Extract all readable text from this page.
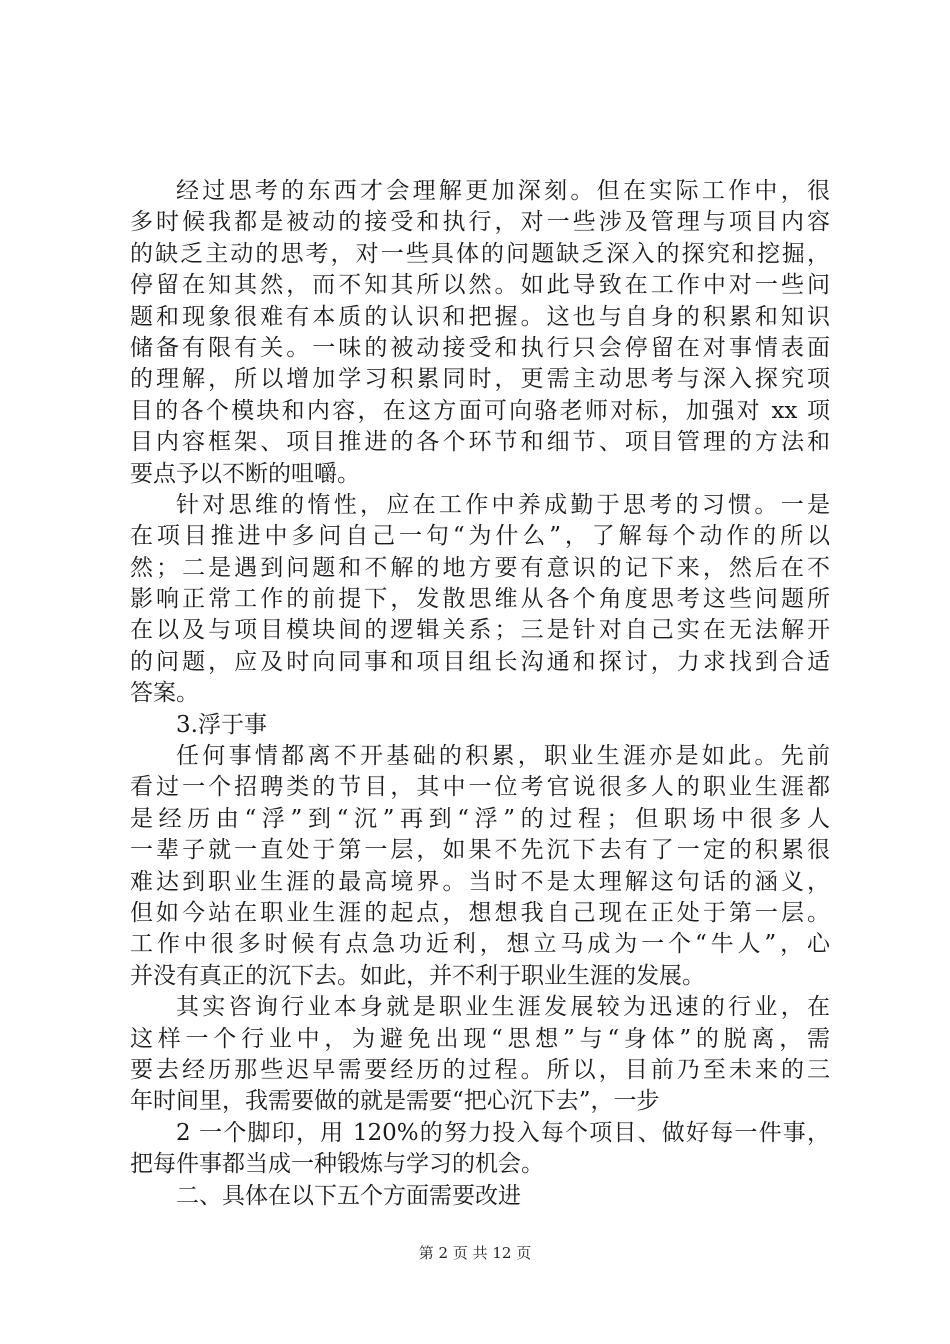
经过思考的东西才会理解更加深刻。但在实际工作中，很
多时候我都是被动的接受和执行，对一些涉及管理与项目内容
的缺乏主动的思考，对一些具体的问题缺乏深入的探究和挖掘，
停留在知其然，而不知其所以然。如此导致在工作中对一些问
题和现象很难有本质的认识和把握。这也与自身的积累和知识
储备有限有关。一味的被动接受和执行只会停留在对事情表面
的理解，所以增加学习积累同时，更需主动思考与深入探究项
目的各个模块和内容，在这方面可向骆老师对标，加强对 xx 项
目内容框架、项目推进的各个环节和细节、项目管理的方法和
要点予以不断的咀嚼。
针对思维的惰性，应在工作中养成勤于思考的习惯。一是
在项目推进中多问自己一句“为什么”，了解每个动作的所以
然；二是遇到问题和不解的地方要有意识的记下来，然后在不
影响正常工作的前提下，发散思维从各个角度思考这些问题所
在以及与项目模块间的逻辑关系；三是针对自己实在无法解开
的问题，应及时向同事和项目组长沟通和探讨，力求找到合适
答案。
3.浮于事
任何事情都离不开基础的积累，职业生涯亦是如此。先前
看过一个招聘类的节目，其中一位考官说很多人的职业生涯都
是经历由“浮”到“沉”再到“浮”的过程；但职场中很多人
一辈子就一直处于第一层，如果不先沉下去有了一定的积累很
难达到职业生涯的最高境界。当时不是太理解这句话的涵义，
但如今站在职业生涯的起点，想想我自己现在正处于第一层。
工作中很多时候有点急功近利，想立马成为一个“牛人”，心
并没有真正的沉下去。如此，并不利于职业生涯的发展。
其实咨询行业本身就是职业生涯发展较为迅速的行业，在
这样一个行业中，为避免出现“思想”与“身体”的脱离，需
要去经历那些迟早需要经历的过程。所以，目前乃至未来的三
年时间里，我需要做的就是需要“把心沉下去”，一步
2 一个脚印，用 120%的努力投入每个项目、做好每一件事，
把每件事都当成一种锻炼与学习的机会。
二、具体在以下五个方面需要改进
第 2 页 共 12 页
